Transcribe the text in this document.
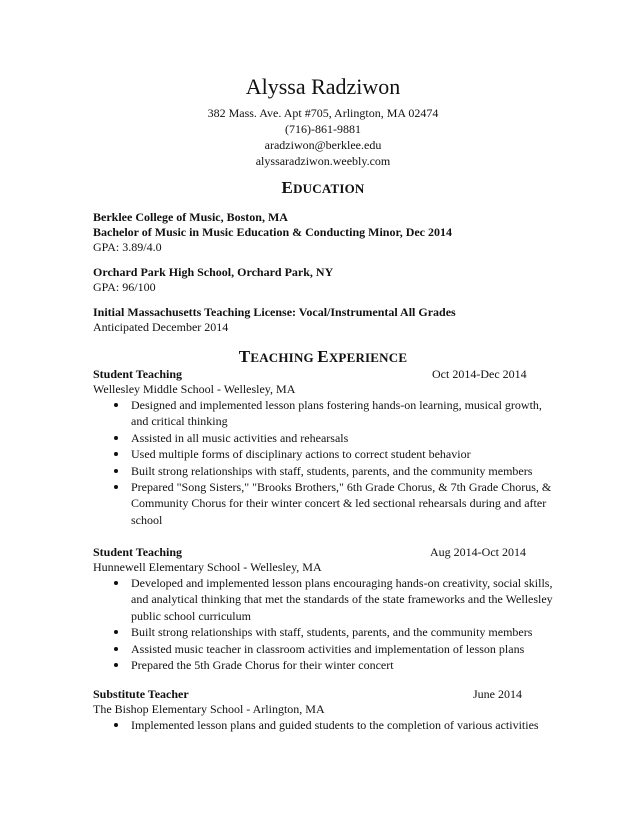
Alyssa Radziwon
382 Mass. Ave. Apt #705, Arlington, MA 02474
(716)-861-9881
aradziwon@berklee.edu
alyssaradziwon.weebly.com
EDUCATION
Berklee College of Music, Boston, MA
Bachelor of Music in Music Education & Conducting Minor, Dec 2014
GPA: 3.89/4.0
Orchard Park High School, Orchard Park, NY
GPA: 96/100
Initial Massachusetts Teaching License: Vocal/Instrumental All Grades
Anticipated December 2014
TEACHING EXPERIENCE
Student Teaching	Oct 2014-Dec 2014
Wellesley Middle School - Wellesley, MA
Designed and implemented lesson plans fostering hands-on learning, musical growth, and critical thinking
Assisted in all music activities and rehearsals
Used multiple forms of disciplinary actions to correct student behavior
Built strong relationships with staff, students, parents, and the community members
Prepared "Song Sisters," "Brooks Brothers," 6th Grade Chorus, & 7th Grade Chorus, & Community Chorus for their winter concert & led sectional rehearsals during and after school
Student Teaching	Aug 2014-Oct 2014
Hunnewell Elementary School - Wellesley, MA
Developed and implemented lesson plans encouraging hands-on creativity, social skills, and analytical thinking that met the standards of the state frameworks and the Wellesley public school curriculum
Built strong relationships with staff, students, parents, and the community members
Assisted music teacher in classroom activities and implementation of lesson plans
Prepared the 5th Grade Chorus for their winter concert
Substitute Teacher	June 2014
The Bishop Elementary School - Arlington, MA
Implemented lesson plans and guided students to the completion of various activities
